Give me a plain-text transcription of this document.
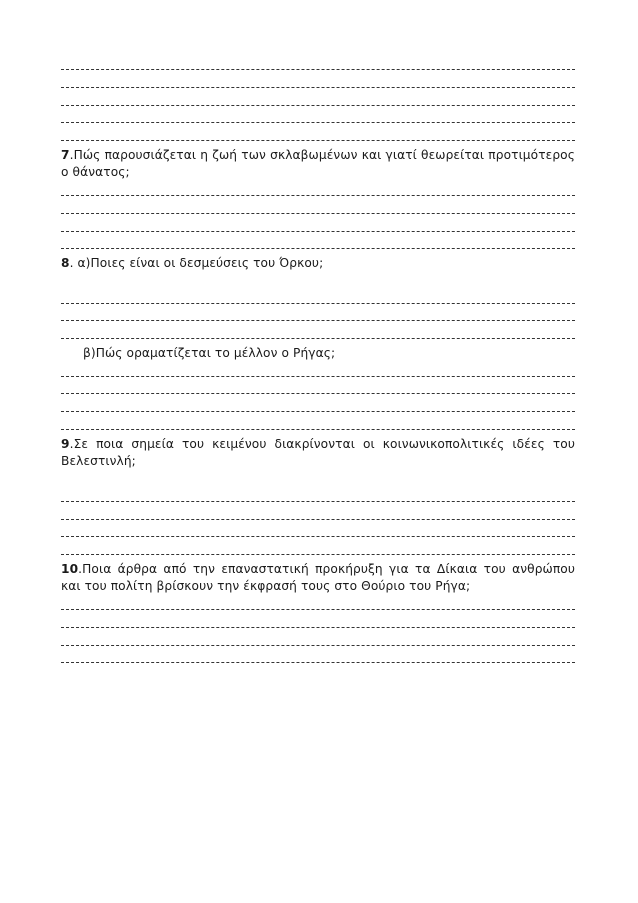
7.Πώς παρουσιάζεται η ζωή των σκλαβωμένων και γιατί θεωρείται προτιμότερος ο θάνατος;
8. α)Ποιες είναι οι δεσμεύσεις του Όρκου;
β)Πώς οραματίζεται το μέλλον ο Ρήγας;
9.Σε ποια σημεία του κειμένου διακρίνονται οι κοινωνικοπολιτικές ιδέες του Βελεστινλή;
10.Ποια άρθρα από την επαναστατική προκήρυξη για τα Δίκαια του ανθρώπου και του πολίτη βρίσκουν την έκφρασή τους στο Θούριο του Ρήγα;
